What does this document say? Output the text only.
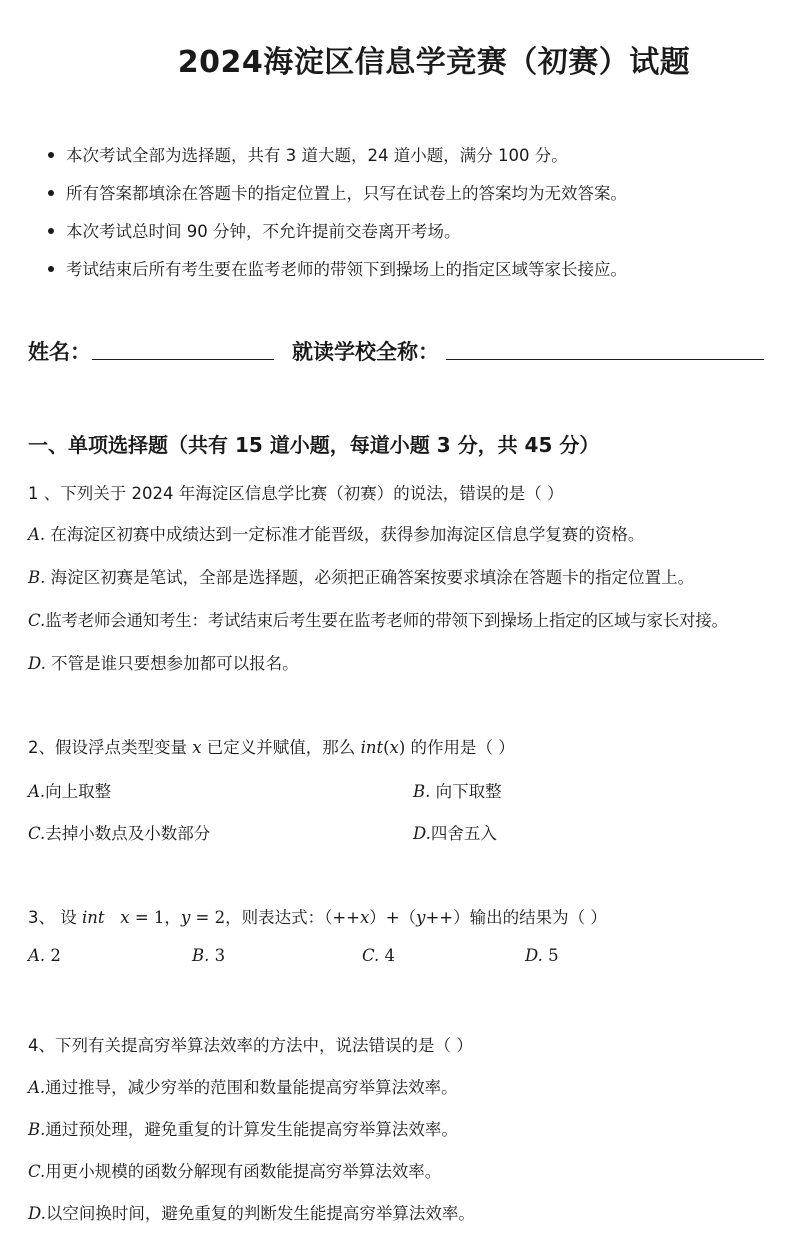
2024海淀区信息学竞赛（初赛）试题
本次考试全部为选择题，共有 3 道大题，24 道小题，满分 100 分。
所有答案都填涂在答题卡的指定位置上，只写在试卷上的答案均为无效答案。
本次考试总时间 90 分钟，不允许提前交卷离开考场。
考试结束后所有考生要在监考老师的带领下到操场上的指定区域等家长接应。
姓名：	就读学校全称：
一、单项选择题（共有 15 道小题，每道小题 3 分，共 45 分）
1 、下列关于 2024 年海淀区信息学比赛（初赛）的说法，错误的是（ ）
A. 在海淀区初赛中成绩达到一定标准才能晋级，获得参加海淀区信息学复赛的资格。
B. 海淀区初赛是笔试，全部是选择题，必须把正确答案按要求填涂在答题卡的指定位置上。
C.监考老师会通知考生：考试结束后考生要在监考老师的带领下到操场上指定的区域与家长对接。
D. 不管是谁只要想参加都可以报名。
2、假设浮点类型变量 x 已定义并赋值，那么 int(x) 的作用是（ ）
A.向上取整	B. 向下取整
C.去掉小数点及小数部分	D.四舍五入
3、 设 int x = 1，y = 2，则表达式：（++x）+（y++）输出的结果为（ ）
A. 2	B. 3	C. 4	D. 5
4、下列有关提高穷举算法效率的方法中，说法错误的是（ ）
A.通过推导，减少穷举的范围和数量能提高穷举算法效率。
B.通过预处理，避免重复的计算发生能提高穷举算法效率。
C.用更小规模的函数分解现有函数能提高穷举算法效率。
D.以空间换时间，避免重复的判断发生能提高穷举算法效率。
